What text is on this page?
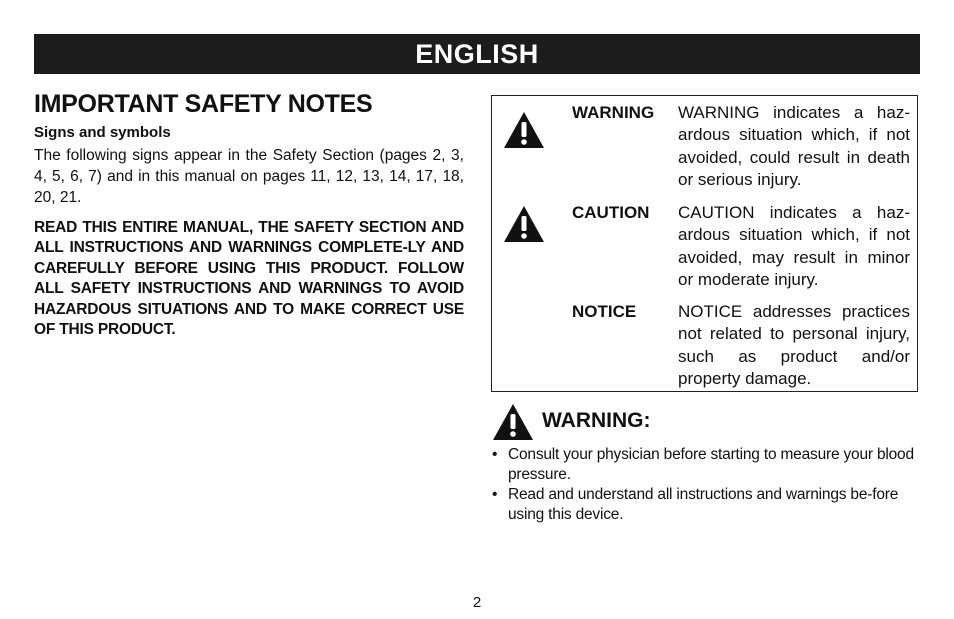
ENGLISH
IMPORTANT SAFETY NOTES
Signs and symbols

The following signs appear in the Safety Section (pages 2, 3, 4, 5, 6, 7) and in this manual on pages 11, 12, 13, 14, 17, 18, 20, 21.

READ THIS ENTIRE MANUAL, THE SAFETY SECTION AND ALL INSTRUCTIONS AND WARNINGS COMPLETE-LY AND CAREFULLY BEFORE USING THIS PRODUCT. FOLLOW ALL SAFETY INSTRUCTIONS AND WARNINGS TO AVOID HAZARDOUS SITUATIONS AND TO MAKE CORRECT USE OF THIS PRODUCT.

WARNING WARNING indicates a haz-
ardous situation which, if not
avoided, could result in death
or serious injury.
CAUTION CAUTION indicates a haz-
ardous situation which, if not
avoided, may result in minor
or moderate injury.
NOTICE NOTICE addresses practices
not related to personal injury,
such as product and/or
property damage.
WARNING:
• Consult your physician before starting to measure your blood pressure.
• Read and understand all instructions and warnings be-fore using this device.
2
